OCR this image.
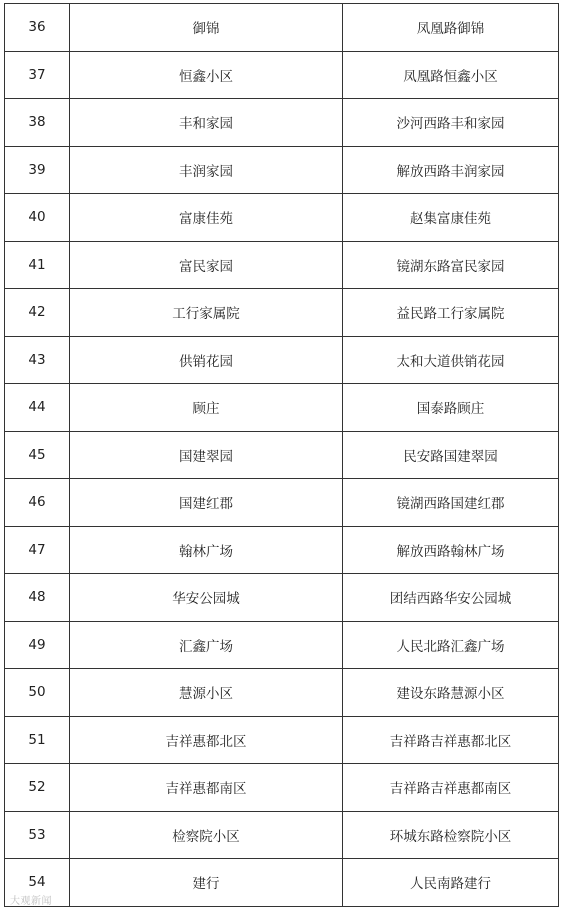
36	御锦	凤凰路御锦
37	恒鑫小区	凤凰路恒鑫小区
38	丰和家园	沙河西路丰和家园
39	丰润家园	解放西路丰润家园
40	富康佳苑	赵集富康佳苑
41	富民家园	镜湖东路富民家园
42	工行家属院	益民路工行家属院
43	供销花园	太和大道供销花园
44	顾庄	国泰路顾庄
45	国建翠园	民安路国建翠园
46	国建红郡	镜湖西路国建红郡
47	翰林广场	解放西路翰林广场
48	华安公园城	团结西路华安公园城
49	汇鑫广场	人民北路汇鑫广场
50	慧源小区	建设东路慧源小区
51	吉祥惠都北区	吉祥路吉祥惠都北区
52	吉祥惠都南区	吉祥路吉祥惠都南区
53	检察院小区	环城东路检察院小区
54	建行	人民南路建行
大观新闻
